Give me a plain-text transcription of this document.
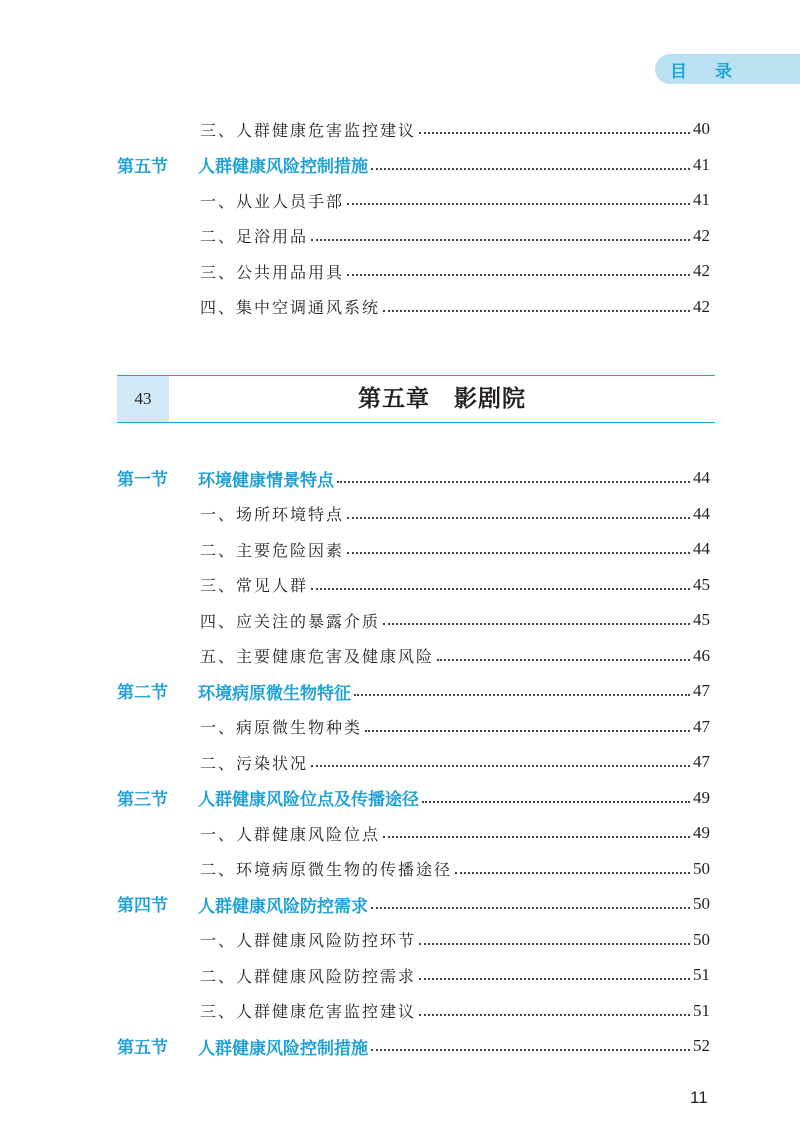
目 录
三、人群健康危害监控建议	40
第五节 人群健康风险控制措施	41
一、从业人员手部	41
二、足浴用品	42
三、公共用品用具	42
四、集中空调通风系统	42
43	第五章　影剧院
第一节 环境健康情景特点	44
一、场所环境特点	44
二、主要危险因素	44
三、常见人群	45
四、应关注的暴露介质	45
五、主要健康危害及健康风险	46
第二节 环境病原微生物特征	47
一、病原微生物种类	47
二、污染状况	47
第三节 人群健康风险位点及传播途径	49
一、人群健康风险位点	49
二、环境病原微生物的传播途径	50
第四节 人群健康风险防控需求	50
一、人群健康风险防控环节	50
二、人群健康风险防控需求	51
三、人群健康危害监控建议	51
第五节 人群健康风险控制措施	52
11
